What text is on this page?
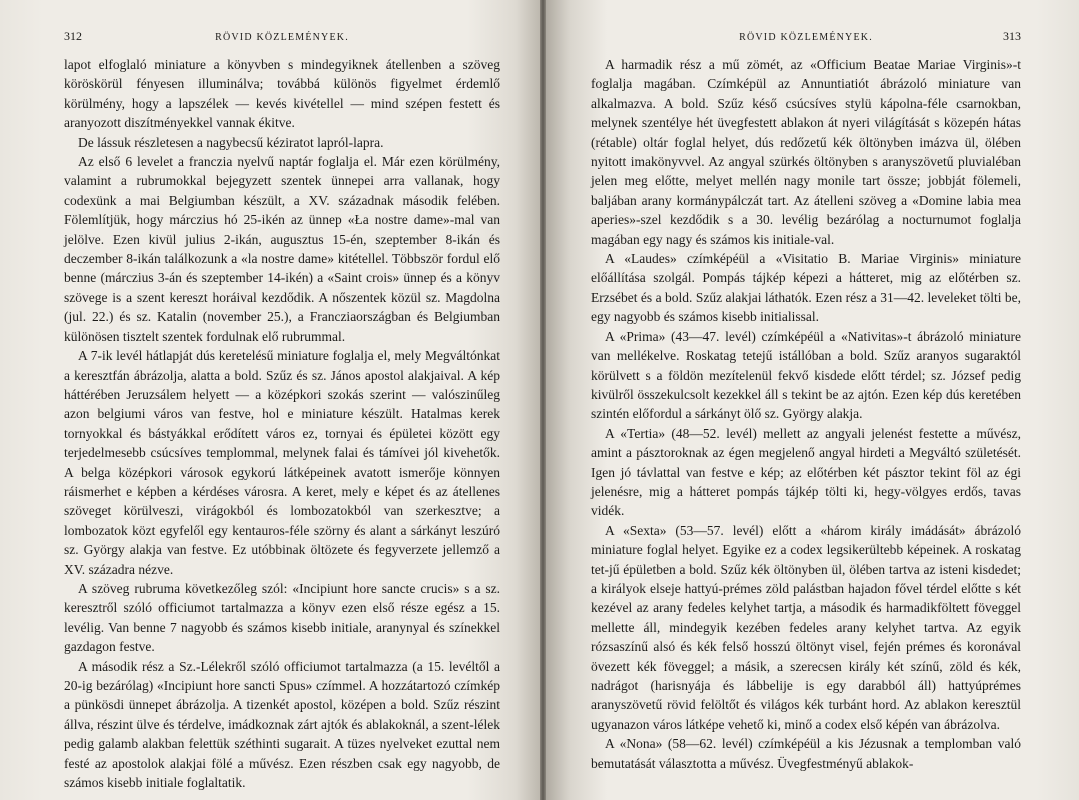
312	RÖVID KÖZLEMÉNYEK.

lapot elfoglaló miniature a könyvben s mindegyiknek átellenben a szöveg köröskörül fényesen illuminálva; továbbá különös figyelmet érdemlő körülmény, hogy a lapszélek — kevés kivétellel — mind szépen festett és aranyozott diszítményekkel vannak ékitve.

De lássuk részletesen a nagybecsű kéziratot lapról-lapra.

Az első 6 levelet a franczia nyelvű naptár foglalja el. Már ezen körülmény, valamint a rubrumokkal bejegyzett szentek ünnepei arra vallanak, hogy codexünk a mai Belgiumban készült, a XV. századnak második felében. Fölemlítjük, hogy márczius hó 25-ikén az ünnep «Ła nostre dame»-mal van jelölve. Ezen kivül julius 2-ikán, augusztus 15-én, szeptember 8-ikán és deczember 8-ikán találkozunk a «la nostre dame» kitétellel. Többször fordul elő benne (márczius 3-án és szeptember 14-ikén) a «Saint crois» ünnep és a könyv szövege is a szent kereszt horáival kezdődik. A nőszentek közül sz. Magdolna (jul. 22.) és sz. Katalin (november 25.), a Francziaországban és Belgiumban különösen tisztelt szentek fordulnak elő rubrummal.

A 7-ik levél hátlapját dús keretelésű miniature foglalja el, mely Megváltónkat a keresztfán ábrázolja, alatta a bold. Szűz és sz. János apostol alakjaival. A kép háttérében Jeruzsálem helyett — a középkori szokás szerint — valószinűleg azon belgiumi város van festve, hol e miniature készült. Hatalmas kerek tornyokkal és bástyákkal erődített város ez, tornyai és épületei között egy terjedelmesebb csúcsíves templommal, melynek falai és támívei jól kivehetők. A belga középkori városok egykorú látképeinek avatott ismerője könnyen ráismerhet e képben a kérdéses városra. A keret, mely e képet és az átellenes szöveget körülveszi, virágokból és lombozatokból van szerkesztve; a lombozatok közt egyfelől egy kentauros-féle szörny és alant a sárkányt leszúró sz. György alakja van festve. Ez utóbbinak öltözete és fegyverzete jellemző a XV. századra nézve.

A szöveg rubruma következőleg szól: «Incipiunt hore sancte crucis» s a sz. keresztről szóló officiumot tartalmazza a könyv ezen első része egész a 15. levélig. Van benne 7 nagyobb és számos kisebb initiale, aranynyal és színekkel gazdagon festve.

A második rész a Sz.-Lélekről szóló officiumot tartalmazza (a 15. levéltől a 20-ig bezárólag) «Incipiunt hore sancti Spus» czímmel. A hozzátartozó czímkép a pünkösdi ünnepet ábrázolja. A tizenkét apostol, középen a bold. Szűz részint állva, részint ülve és térdelve, imádkoznak zárt ajtók és ablakoknál, a szent-lélek pedig galamb alakban felettük széthinti sugarait. A tüzes nyelveket ezuttal nem festé az apostolok alakjai fölé a művész. Ezen részben csak egy nagyobb, de számos kisebb initiale foglaltatik.

RÖVID KÖZLEMÉNYEK.	313

A harmadik rész a mű zömét, az «Officium Beatae Mariae Virginis»-t foglalja magában. Czímképül az Annuntiatiót ábrázoló miniature van alkalmazva. A bold. Szűz késő csúcsíves stylü kápolna-féle csarnokban, melynek szentélye hét üvegfestett ablakon át nyeri világítását s közepén hátas (rétable) oltár foglal helyet, dús redőzetű kék öltönyben imázva ül, ölében nyitott imakönyvvel. Az angyal szürkés öltönyben s aranyszövetű pluvialéban jelen meg előtte, melyet mellén nagy monile tart össze; jobbját fölemeli, baljában arany kormánypálczát tart. Az átelleni szöveg a «Domine labia mea aperies»-szel kezdődik s a 30. levélig bezárólag a nocturnumot foglalja magában egy nagy és számos kis initiale-val.

A «Laudes» czímképéül a «Visitatio B. Mariae Virginis» miniature előállítása szolgál. Pompás tájkép képezi a hátteret, mig az előtérben sz. Erzsébet és a bold. Szűz alakjai láthatók. Ezen rész a 31—42. leveleket tölti be, egy nagyobb és számos kisebb initialissal.

A «Prima» (43—47. levél) czímképéül a «Nativitas»-t ábrázoló miniature van mellékelve. Roskatag tetejű istállóban a bold. Szűz aranyos sugaraktól körülvett s a földön mezítelenül fekvő kisdede előtt térdel; sz. József pedig kivülről összekulcsolt kezekkel áll s tekint be az ajtón. Ezen kép dús keretében szintén előfordul a sárkányt ölő sz. György alakja.

A «Tertia» (48—52. levél) mellett az angyali jelenést festette a művész, amint a pásztoroknak az égen megjelenő angyal hirdeti a Megváltó születését. Igen jó távlattal van festve e kép; az előtérben két pásztor tekint föl az égi jelenésre, mig a hátteret pompás tájkép tölti ki, hegy-völgyes erdős, tavas vidék.

A «Sexta» (53—57. levél) előtt a «három király imádását» ábrázoló miniature foglal helyet. Egyike ez a codex legsikerültebb képeinek. A roskatag tet-jű épületben a bold. Szűz kék öltönyben ül, ölében tartva az isteni kisdedet; a királyok elseje hattyú-prémes zöld palástban hajadon fővel térdel előtte s két kezével az arany fedeles kelyhet tartja, a második és harmadikföltett föveggel mellette áll, mindegyik kezében fedeles arany kelyhet tartva. Az egyik rózsaszínű alsó és kék felső hosszú öltönyt visel, fején prémes és koronával övezett kék föveggel; a másik, a szerecsen király két színű, zöld és kék, nadrágot (harisnyája és lábbelije is egy darabból áll) hattyúprémes aranyszövetű rövid felöltőt és világos kék turbánt hord. Az ablakon keresztül ugyanazon város látképe vehető ki, minő a codex első képén van ábrázolva.

A «Nona» (58—62. levél) czímképéül a kis Jézusnak a templomban való bemutatását választotta a művész. Üvegfestményű ablakok-
